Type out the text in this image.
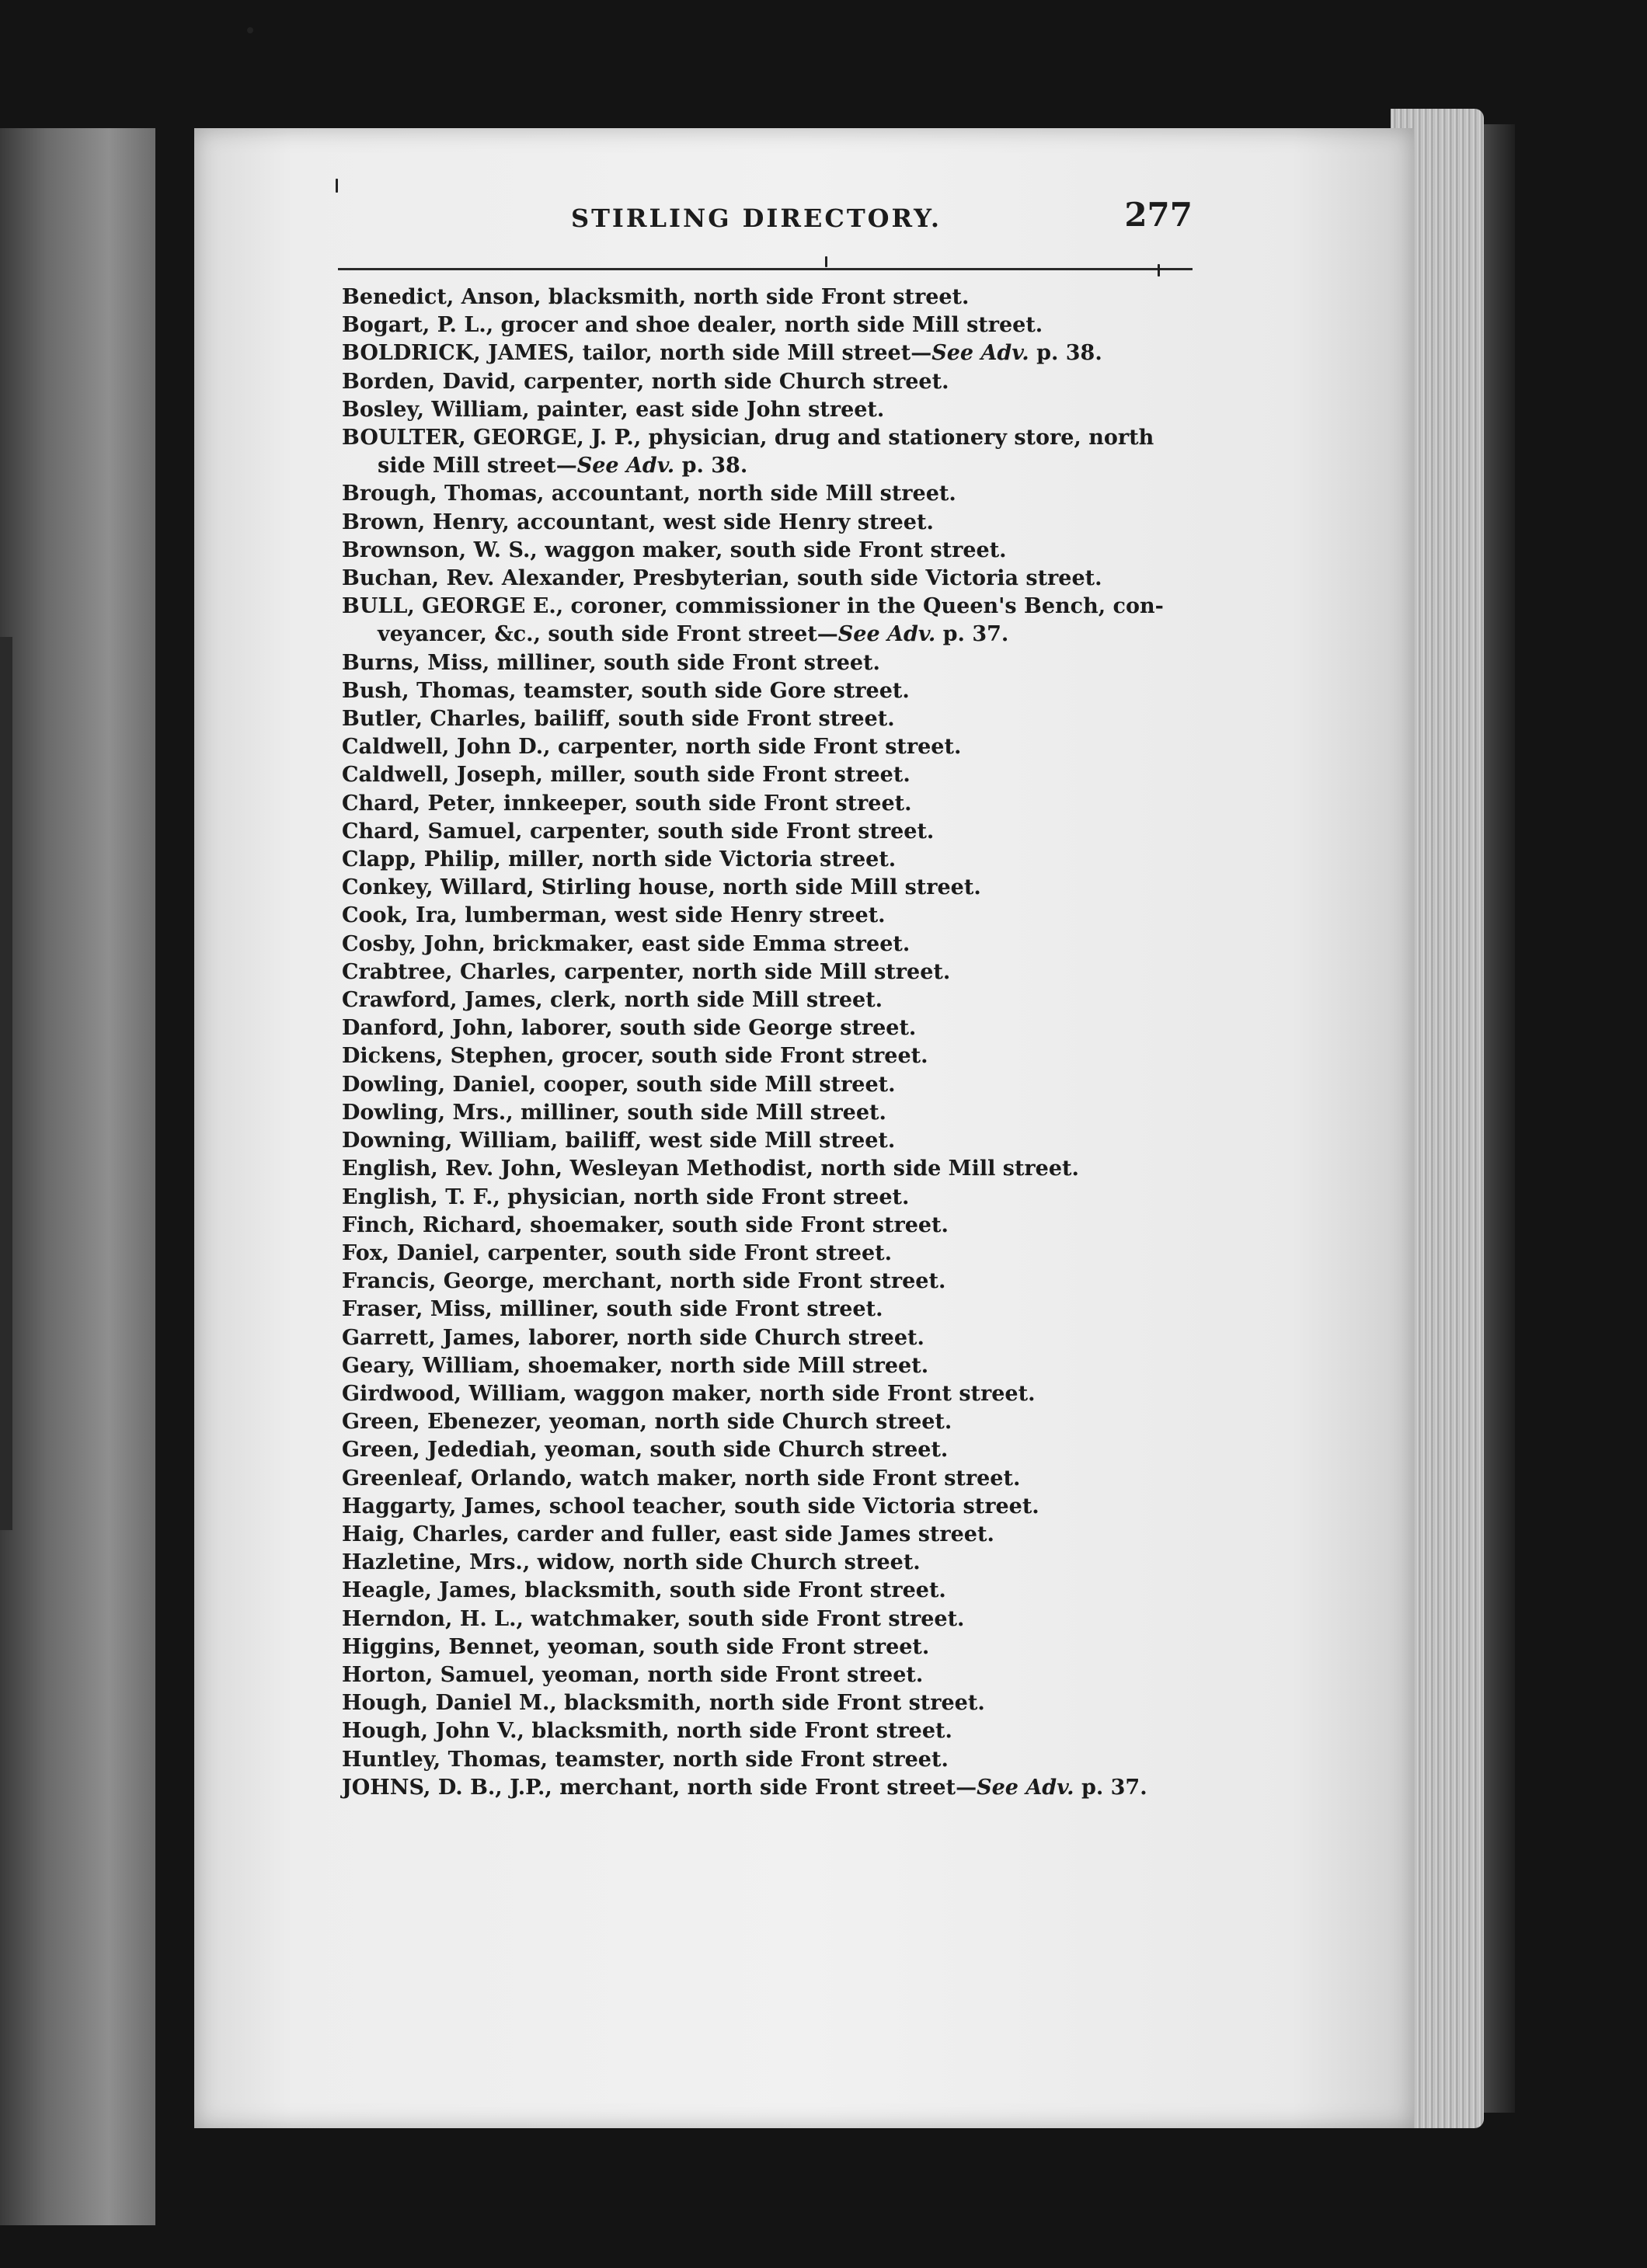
STIRLING DIRECTORY.	277
Benedict, Anson, blacksmith, north side Front street.
Bogart, P. L., grocer and shoe dealer, north side Mill street.
BOLDRICK, JAMES, tailor, north side Mill street—See Adv. p. 38.
Borden, David, carpenter, north side Church street.
Bosley, William, painter, east side John street.
BOULTER, GEORGE, J. P., physician, drug and stationery store, north
side Mill street—See Adv. p. 38.
Brough, Thomas, accountant, north side Mill street.
Brown, Henry, accountant, west side Henry street.
Brownson, W. S., waggon maker, south side Front street.
Buchan, Rev. Alexander, Presbyterian, south side Victoria street.
BULL, GEORGE E., coroner, commissioner in the Queen's Bench, con-
veyancer, &c., south side Front street—See Adv. p. 37.
Burns, Miss, milliner, south side Front street.
Bush, Thomas, teamster, south side Gore street.
Butler, Charles, bailiff, south side Front street.
Caldwell, John D., carpenter, north side Front street.
Caldwell, Joseph, miller, south side Front street.
Chard, Peter, innkeeper, south side Front street.
Chard, Samuel, carpenter, south side Front street.
Clapp, Philip, miller, north side Victoria street.
Conkey, Willard, Stirling house, north side Mill street.
Cook, Ira, lumberman, west side Henry street.
Cosby, John, brickmaker, east side Emma street.
Crabtree, Charles, carpenter, north side Mill street.
Crawford, James, clerk, north side Mill street.
Danford, John, laborer, south side George street.
Dickens, Stephen, grocer, south side Front street.
Dowling, Daniel, cooper, south side Mill street.
Dowling, Mrs., milliner, south side Mill street.
Downing, William, bailiff, west side Mill street.
English, Rev. John, Wesleyan Methodist, north side Mill street.
English, T. F., physician, north side Front street.
Finch, Richard, shoemaker, south side Front street.
Fox, Daniel, carpenter, south side Front street.
Francis, George, merchant, north side Front street.
Fraser, Miss, milliner, south side Front street.
Garrett, James, laborer, north side Church street.
Geary, William, shoemaker, north side Mill street.
Girdwood, William, waggon maker, north side Front street.
Green, Ebenezer, yeoman, north side Church street.
Green, Jedediah, yeoman, south side Church street.
Greenleaf, Orlando, watch maker, north side Front street.
Haggarty, James, school teacher, south side Victoria street.
Haig, Charles, carder and fuller, east side James street.
Hazletine, Mrs., widow, north side Church street.
Heagle, James, blacksmith, south side Front street.
Herndon, H. L., watchmaker, south side Front street.
Higgins, Bennet, yeoman, south side Front street.
Horton, Samuel, yeoman, north side Front street.
Hough, Daniel M., blacksmith, north side Front street.
Hough, John V., blacksmith, north side Front street.
Huntley, Thomas, teamster, north side Front street.
JOHNS, D. B., J.P., merchant, north side Front street—See Adv. p. 37.
